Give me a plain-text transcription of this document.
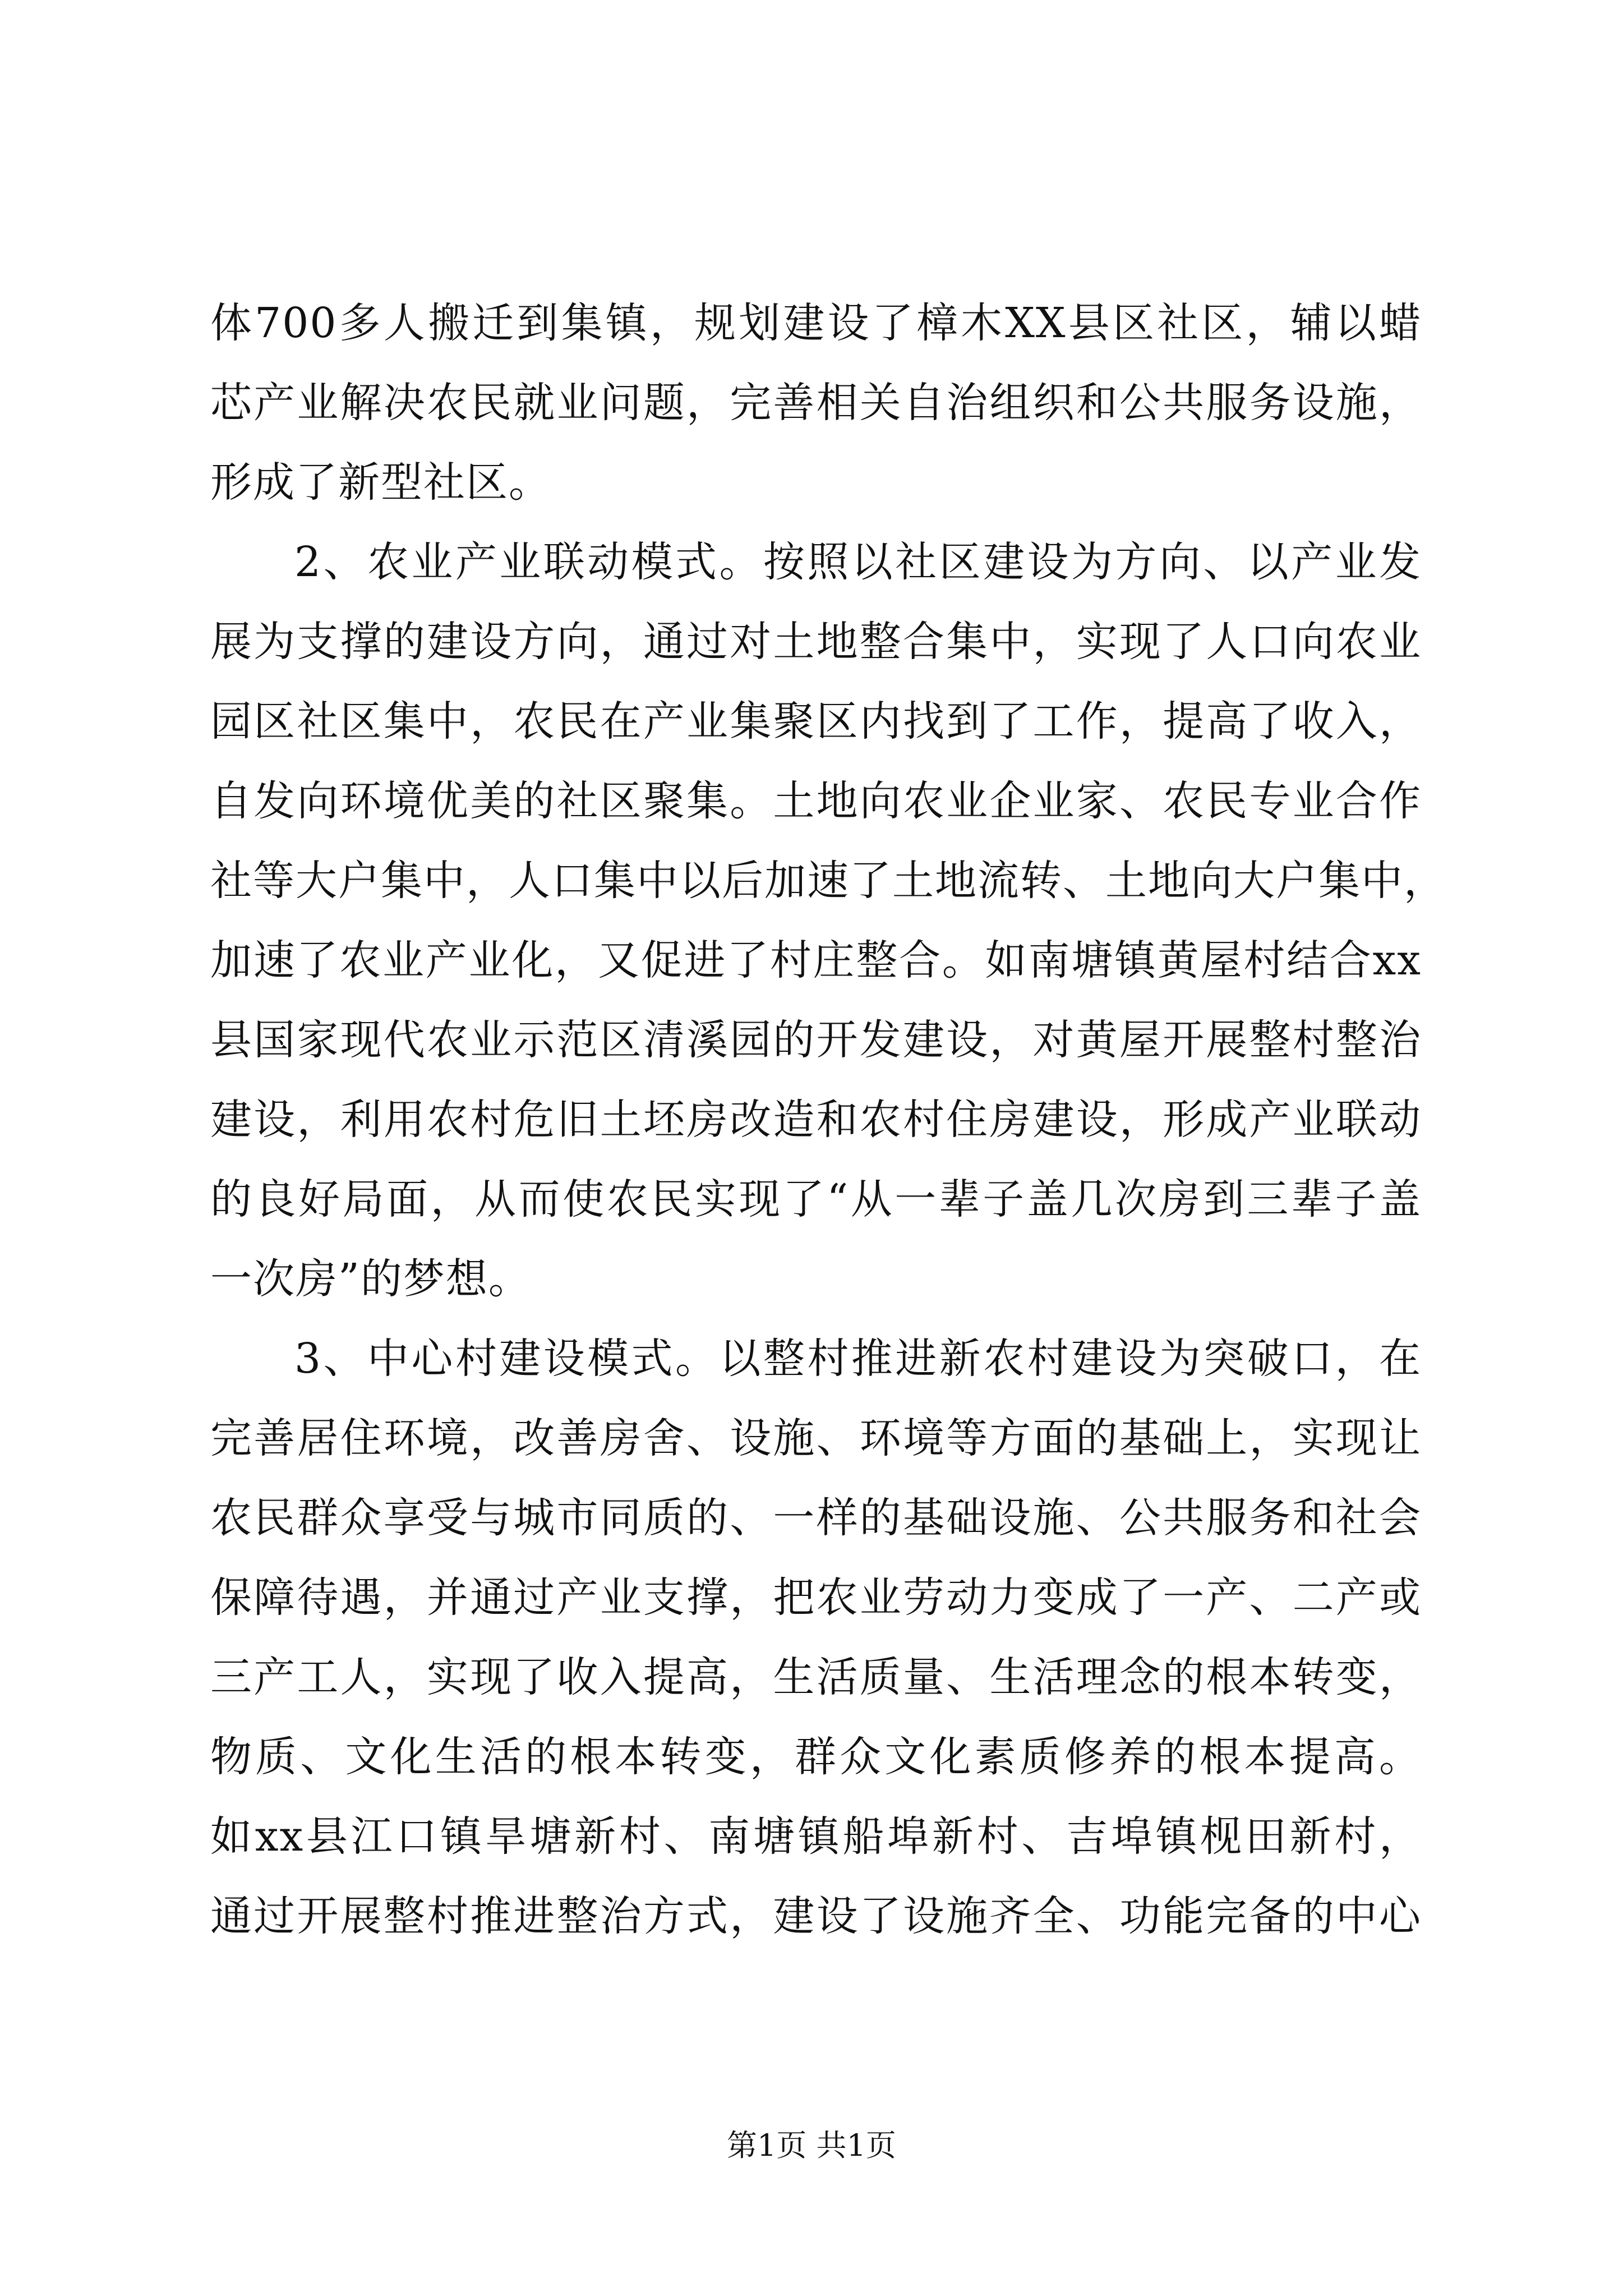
体700多人搬迁到集镇，规划建设了樟木XX县区社区，辅以蜡
芯产业解决农民就业问题，完善相关自治组织和公共服务设施，
形成了新型社区。
2、农业产业联动模式。按照以社区建设为方向、以产业发
展为支撑的建设方向，通过对土地整合集中，实现了人口向农业
园区社区集中，农民在产业集聚区内找到了工作，提高了收入，
自发向环境优美的社区聚集。土地向农业企业家、农民专业合作
社等大户集中，人口集中以后加速了土地流转、土地向大户集中，
加速了农业产业化，又促进了村庄整合。如南塘镇黄屋村结合xx
县国家现代农业示范区清溪园的开发建设，对黄屋开展整村整治
建设，利用农村危旧土坯房改造和农村住房建设，形成产业联动
的良好局面，从而使农民实现了“从一辈子盖几次房到三辈子盖
一次房”的梦想。
3、中心村建设模式。以整村推进新农村建设为突破口，在
完善居住环境，改善房舍、设施、环境等方面的基础上，实现让
农民群众享受与城市同质的、一样的基础设施、公共服务和社会
保障待遇，并通过产业支撑，把农业劳动力变成了一产、二产或
三产工人，实现了收入提高，生活质量、生活理念的根本转变，
物质、文化生活的根本转变，群众文化素质修养的根本提高。
如xx县江口镇旱塘新村、南塘镇船埠新村、吉埠镇枧田新村，
通过开展整村推进整治方式，建设了设施齐全、功能完备的中心
第1页 共1页
